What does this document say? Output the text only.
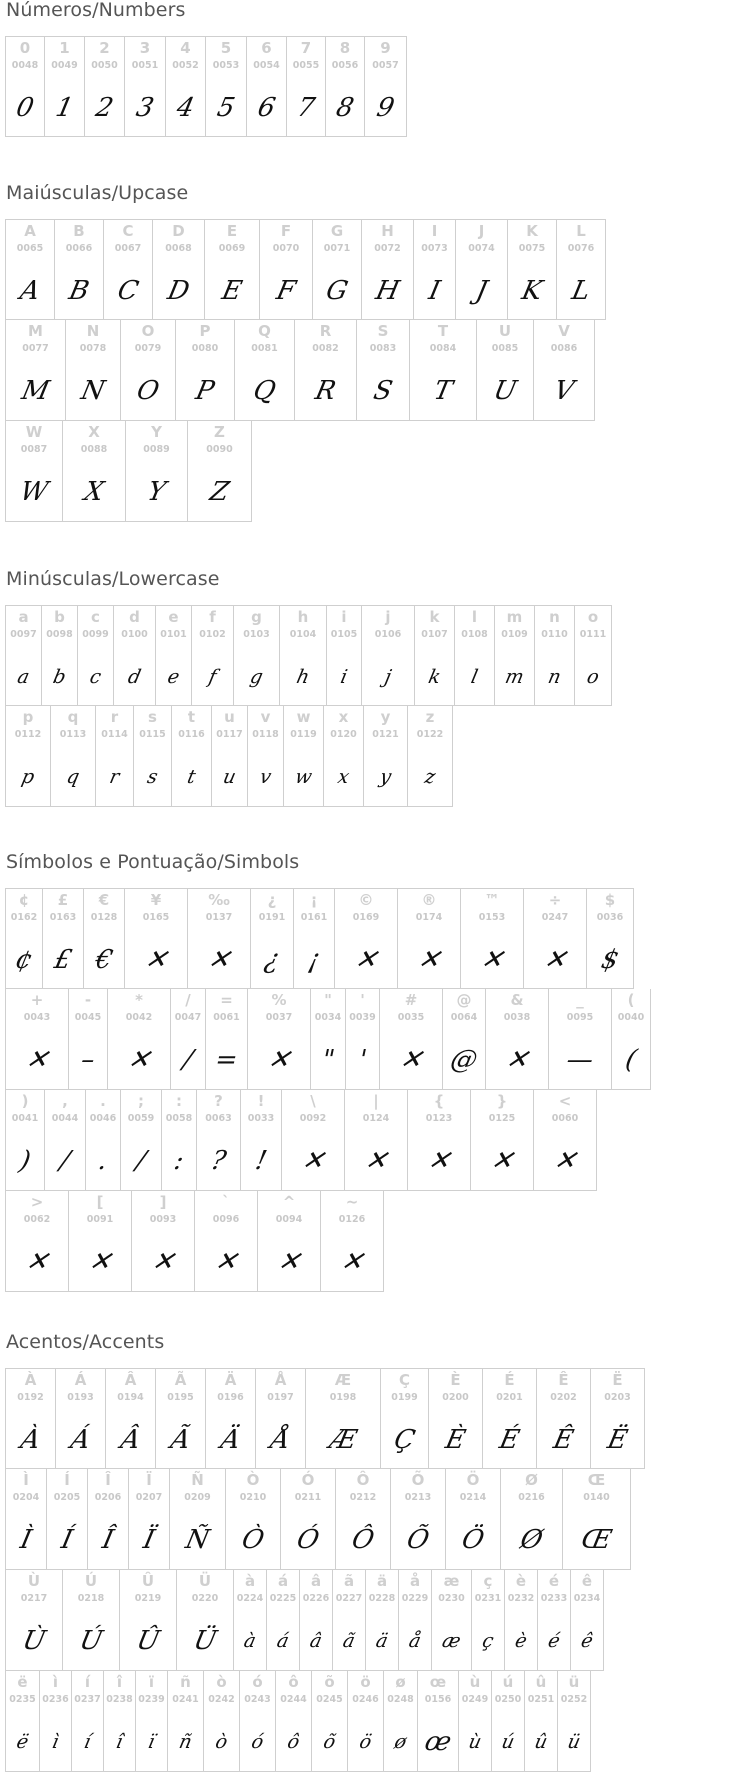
Números/Numbers
0
0048
0
1
0049
1
2
0050
2
3
0051
3
4
0052
4
5
0053
5
6
0054
6
7
0055
7
8
0056
8
9
0057
9
Maiúsculas/Upcase
A
0065
A
B
0066
B
C
0067
C
D
0068
D
E
0069
E
F
0070
F
G
0071
G
H
0072
H
I
0073
I
J
0074
J
K
0075
K
L
0076
L
M
0077
M
N
0078
N
O
0079
O
P
0080
P
Q
0081
Q
R
0082
R
S
0083
S
T
0084
T
U
0085
U
V
0086
V
W
0087
W
X
0088
X
Y
0089
Y
Z
0090
Z
Minúsculas/Lowercase
a
0097
a
b
0098
b
c
0099
c
d
0100
d
e
0101
e
f
0102
f
g
0103
g
h
0104
h
i
0105
i
j
0106
j
k
0107
k
l
0108
l
m
0109
m
n
0110
n
o
0111
o
p
0112
p
q
0113
q
r
0114
r
s
0115
s
t
0116
t
u
0117
u
v
0118
v
w
0119
w
x
0120
x
y
0121
y
z
0122
z
Símbolos e Pontuação/Simbols
¢
0162
¢
£
0163
£
€
0128
€
¥
0165
✕
‰
0137
✕
¿
0191
¿
¡
0161
¡
©
0169
✕
®
0174
✕
™
0153
✕
÷
0247
✕
$
0036
$
+
0043
✕
-
0045
–
*
0042
✕
/
0047
/
=
0061
=
%
0037
✕
"
0034
"
'
0039
'
#
0035
✕
@
0064
@
&
0038
✕
_
0095
—
(
0040
(
)
0041
)
,
0044
/
.
0046
.
;
0059
/
:
0058
:
?
0063
?
!
0033
!
\
0092
✕
|
0124
✕
{
0123
✕
}
0125
✕
<
0060
✕
>
0062
✕
[
0091
✕
]
0093
✕
`
0096
✕
^
0094
✕
~
0126
✕
Acentos/Accents
À
0192
À
Á
0193
Á
Â
0194
Â
Ã
0195
Ã
Ä
0196
Ä
Å
0197
Å
Æ
0198
Æ
Ç
0199
Ç
È
0200
È
É
0201
É
Ê
0202
Ê
Ë
0203
Ë
Ì
0204
Ì
Í
0205
Í
Î
0206
Î
Ï
0207
Ï
Ñ
0209
Ñ
Ò
0210
Ò
Ó
0211
Ó
Ô
0212
Ô
Õ
0213
Õ
Ö
0214
Ö
Ø
0216
Ø
Œ
0140
Œ
Ù
0217
Ù
Ú
0218
Ú
Û
0219
Û
Ü
0220
Ü
à
0224
à
á
0225
á
â
0226
â
ã
0227
ã
ä
0228
ä
å
0229
å
æ
0230
æ
ç
0231
ç
è
0232
è
é
0233
é
ê
0234
ê
ë
0235
ë
ì
0236
ì
í
0237
í
î
0238
î
ï
0239
ï
ñ
0241
ñ
ò
0242
ò
ó
0243
ó
ô
0244
ô
õ
0245
õ
ö
0246
ö
ø
0248
ø
œ
0156
œ
ù
0249
ù
ú
0250
ú
û
0251
û
ü
0252
ü
